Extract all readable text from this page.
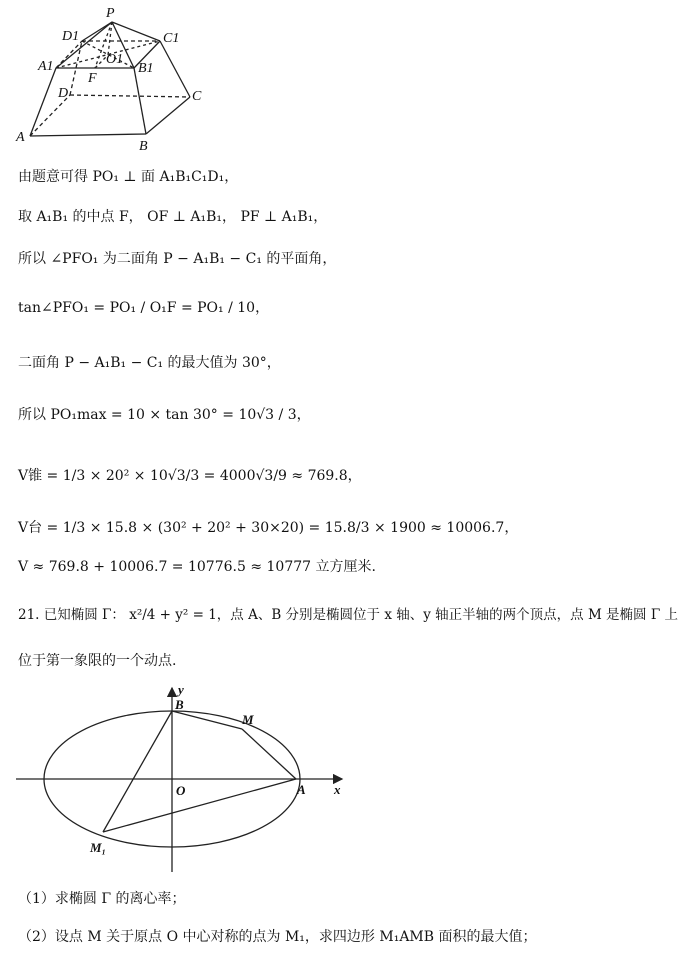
P
D1	C1
A1	B1
O1
F
D	C
A
B
由题意可得 PO₁ ⊥ 面 A₁B₁C₁D₁，
取 A₁B₁ 的中点 F， OF ⊥ A₁B₁， PF ⊥ A₁B₁，
所以 ∠PFO₁ 为二面角 P − A₁B₁ − C₁ 的平面角，
tan∠PFO₁ = PO₁ / O₁F = PO₁ / 10，
二面角 P − A₁B₁ − C₁ 的最大值为 30°，
所以 PO₁max = 10 × tan 30° = 10√3 / 3，
V锥 = 1/3 × 20² × 10√3/3 = 4000√3/9 ≈ 769.8，
V台 = 1/3 × 15.8 × (30² + 20² + 30×20) = 15.8/3 × 1900 ≈ 10006.7，
V ≈ 769.8 + 10006.7 = 10776.5 ≈ 10777 立方厘米.
21. 已知椭圆 Γ： x²/4 + y² = 1，点 A、B 分别是椭圆位于 x 轴、y 轴正半轴的两个顶点，点 M 是椭圆 Γ 上
位于第一象限的一个动点.
y
x
B
M
O	A
M₁
（1）求椭圆 Γ 的离心率；
（2）设点 M 关于原点 O 中心对称的点为 M₁，求四边形 M₁AMB 面积的最大值；
